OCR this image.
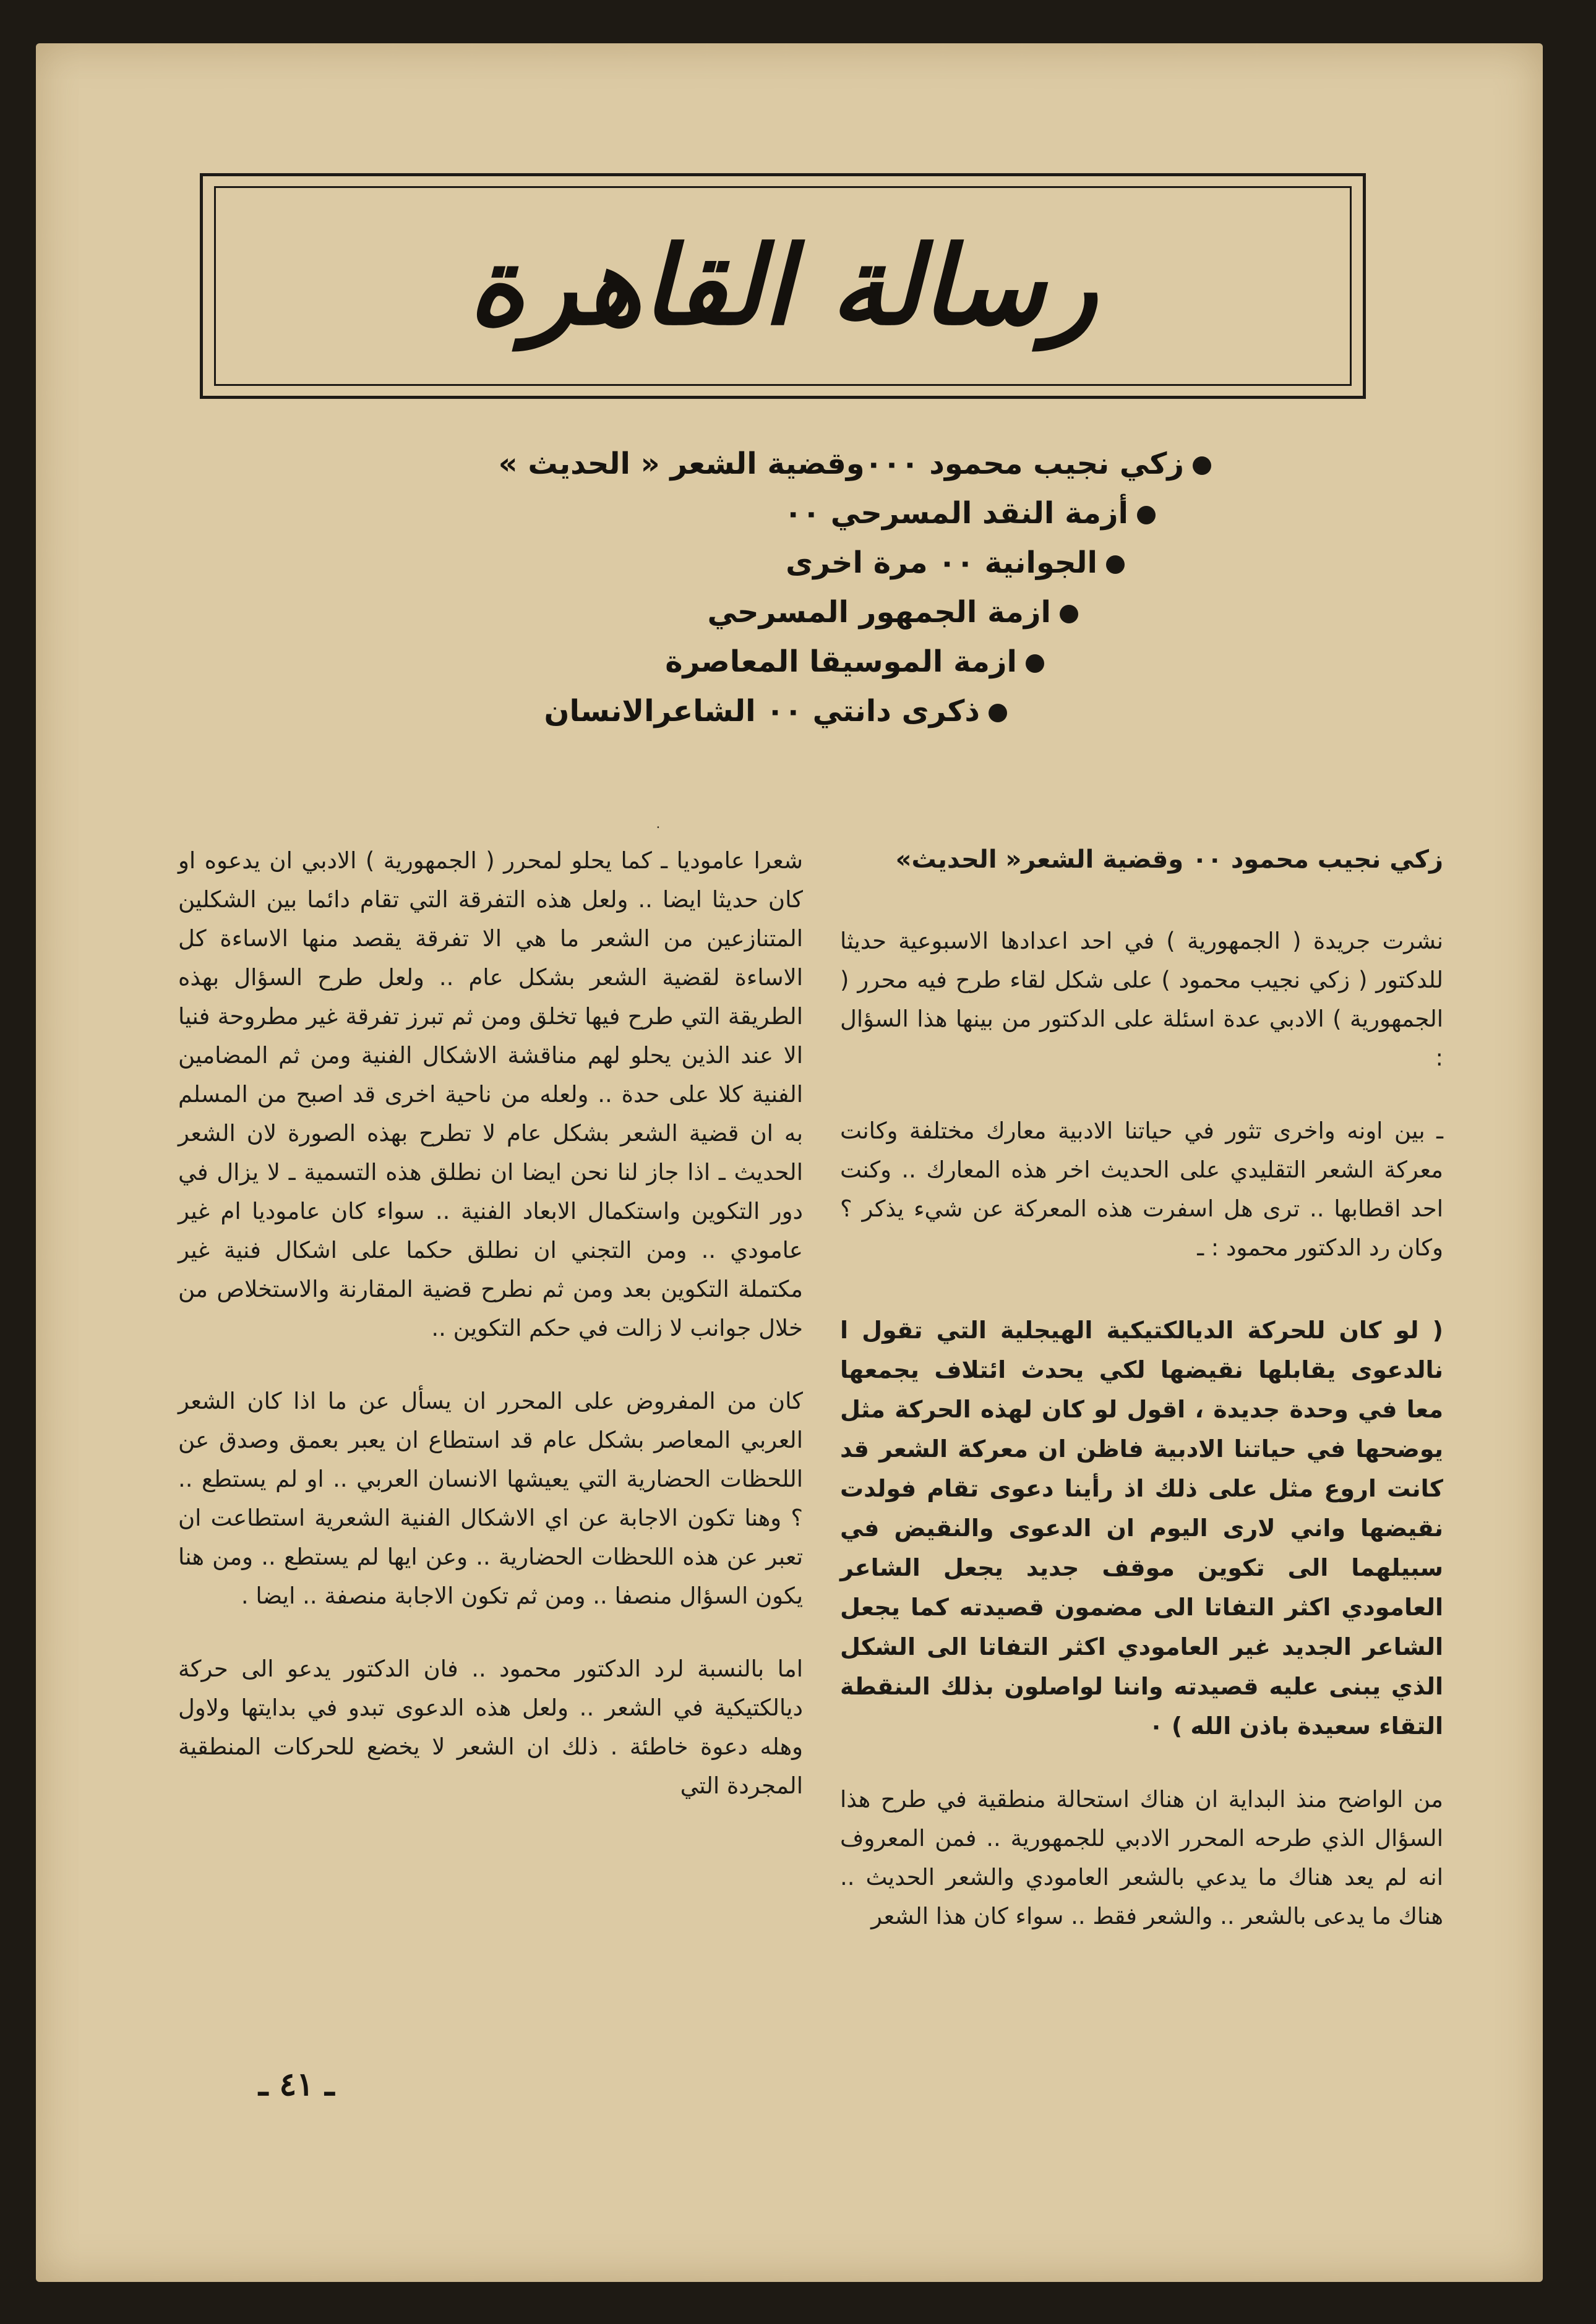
رسالة القاهرة
زكي نجيب محمود ٠٠٠وقضية الشعر « الحديث »
أزمة النقد المسرحي ٠٠
الجوانية ٠٠ مرة اخرى
ازمة الجمهور المسرحي
ازمة الموسيقا المعاصرة
ذكرى دانتي ٠٠ الشاعرالانسان
٠
زكي نجيب محمود ٠٠ وقضية الشعر« الحديث»

نشرت جريدة ( الجمهورية ) في احد اعدادها الاسبوعية حديثا للدكتور ( زكي نجيب محمود ) على شكل لقاء طرح فيه محرر ( الجمهورية ) الادبي عدة اسئلة على الدكتور من بينها هذا السؤال :

ـ بين اونه واخرى تثور في حياتنا الادبية معارك مختلفة وكانت معركة الشعر التقليدي على الحديث اخر هذه المعارك .. وكنت احد اقطابها .. ترى هل اسفرت هذه المعركة عن شيء يذكر ؟وكان رد الدكتور محمود : ـ

( لو كان للحركة الديالكتيكية الهيجلية التي تقول ا نالدعوى يقابلها نقيضها لكي يحدث ائتلاف يجمعها معا في وحدة جديدة ، اقول لو كان لهذه الحركة مثل يوضحها في حياتنا الادبية فاظن ان معركة الشعر قد كانت اروع مثل على ذلك اذ رأينا دعوى تقام فولدت نقيضها واني لارى اليوم ان الدعوى والنقيض في سبيلهما الى تكوين موقف جديد يجعل الشاعر العامودي اكثر التفاتا الى مضمون قصيدته كما يجعل الشاعر الجديد غير العامودي اكثر التفاتا الى الشكل الذي يبنى عليه قصيدته واننا لواصلون بذلك الىنقطة التقاء سعيدة باذن الله ) ٠

من الواضح منذ البداية ان هناك استحالة منطقية في طرح هذا السؤال الذي طرحه المحرر الادبي للجمهورية .. فمن المعروف انه لم يعد هناك ما يدعي بالشعر العامودي والشعر الحديث .. هناك ما يدعى بالشعر .. والشعر فقط .. سواء كان هذا الشعر

شعرا عاموديا ـ كما يحلو لمحرر ( الجمهورية ) الادبي ان يدعوه او كان حديثا ايضا .. ولعل هذه التفرقة التي تقام دائما بين الشكلين المتنازعين من الشعر ما هي الا تفرقة يقصد منها الاساءة كل الاساءة لقضية الشعر بشكل عام .. ولعل طرح السؤال بهذه الطريقة التي طرح فيها تخلق ومن ثم تبرز تفرقة غير مطروحة فنيا الا عند الذين يحلو لهم مناقشة الاشكال الفنية ومن ثم المضامين الفنية كلا على حدة .. ولعله من ناحية اخرى قد اصبح من المسلم به ان قضية الشعر بشكل عام لا تطرح بهذه الصورة لان الشعر الحديث ـ اذا جاز لنا نحن ايضا ان نطلق هذه التسمية ـ لا يزال في دور التكوين واستكمال الابعاد الفنية .. سواء كان عاموديا ام غير عامودي .. ومن التجني ان نطلق حكما على اشكال فنية غير مكتملة التكوين بعد ومن ثم نطرح قضية المقارنة والاستخلاص من خلال جوانب لا زالت في حكم التكوين ..

كان من المفروض على المحرر ان يسأل عن ما اذا كان الشعر العربي المعاصر بشكل عام قد استطاع ان يعبر بعمق وصدق عن اللحظات الحضارية التي يعيشها الانسان العربي .. او لم يستطع .. ؟ وهنا تكون الاجابة عن اي الاشكال الفنية الشعرية استطاعت ان تعبر عن هذه اللحظات الحضارية .. وعن ايها لم يستطع .. ومن هنا يكون السؤال منصفا .. ومن ثم تكون الاجابة منصفة .. ايضا .

اما بالنسبة لرد الدكتور محمود .. فان الدكتور يدعو الى حركة ديالكتيكية في الشعر .. ولعل هذه الدعوى تبدو في بدايتها ولاول وهله دعوة خاطئة . ذلك ان الشعر لا يخضع للحركات المنطقية المجردة التي

ـ ٤١ ـ
